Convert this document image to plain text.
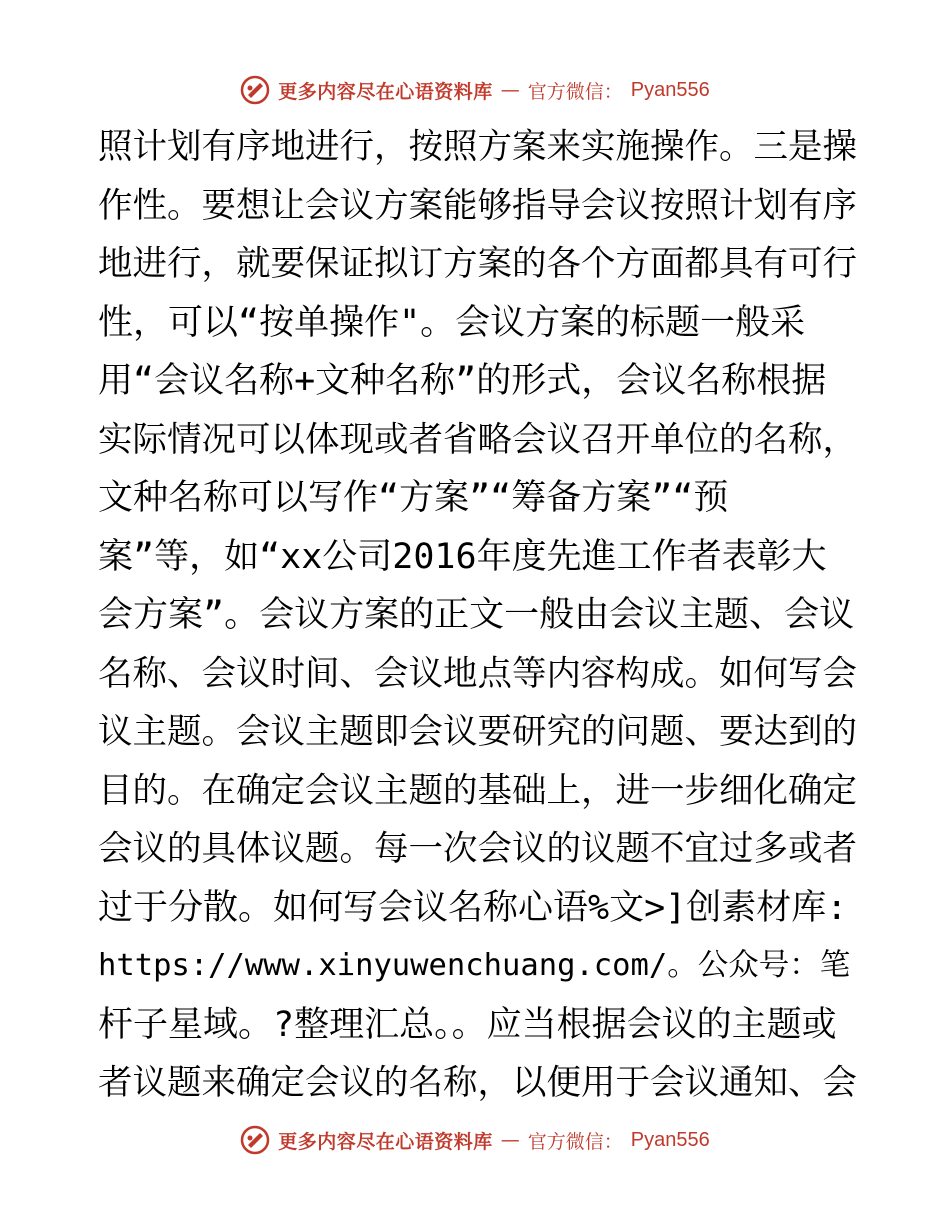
更多内容尽在心语资料库 — 官方微信： Pyan556
照计划有序地进行，按照方案来实施操作。三是操
作性。要想让会议方案能够指导会议按照计划有序
地进行，就要保证拟订方案的各个方面都具有可行
性，可以“按单操作"。会议方案的标题一般采
用“会议名称+文种名称”的形式，会议名称根据
实际情况可以体现或者省略会议召开单位的名称，
文种名称可以写作“方案”“筹备方案”“预
案”等，如“xx公司2016年度先進工作者表彰大
会方案”。会议方案的正文一般由会议主题、会议
名称、会议时间、会议地点等内容构成。如何写会
议主题。会议主题即会议要研究的问题、要达到的
目的。在确定会议主题的基础上，进一步细化确定
会议的具体议题。每一次会议的议题不宜过多或者
过于分散。如何写会议名称心语%文>]创素材库:
https://www.xinyuwenchuang.com/。公众号：笔
杆子星域。?整理汇总。。应当根据会议的主题或
者议题来确定会议的名称，以便用于会议通知、会
更多内容尽在心语资料库 — 官方微信： Pyan556
